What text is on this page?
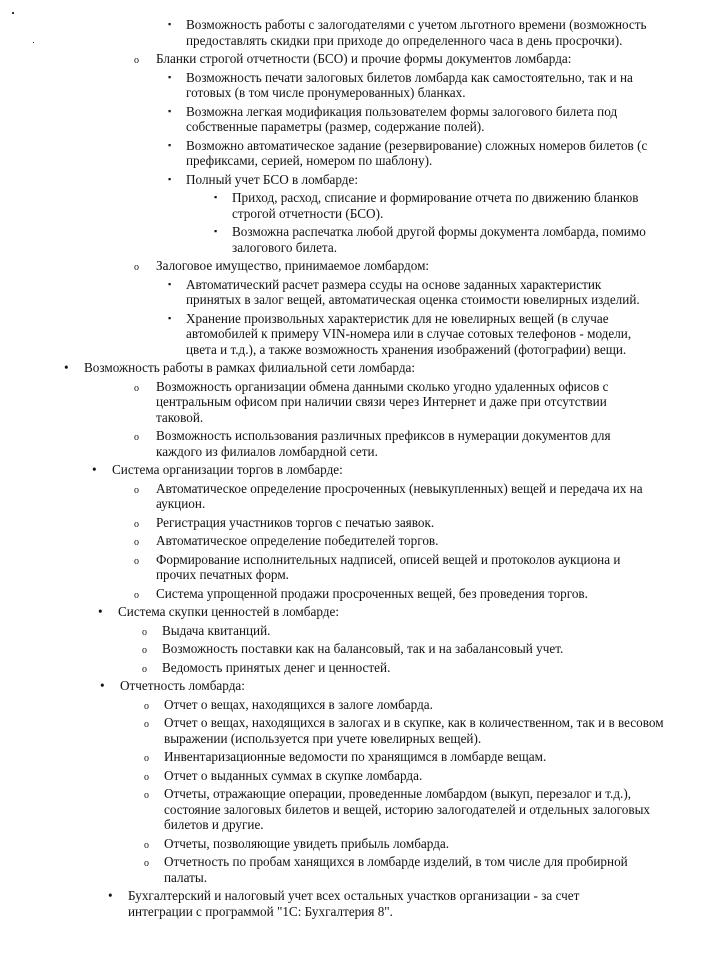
▪ Возможность работы с залогодателями с учетом льготного времени (возможность предоставлять скидки при приходе до определенного часа в день просрочки).
o Бланки строгой отчетности (БСО) и прочие формы документов ломбарда:
▪ Возможность печати залоговых билетов ломбарда как самостоятельно, так и на готовых (в том числе пронумерованных) бланках.
▪ Возможна легкая модификация пользователем формы залогового билета под собственные параметры (размер, содержание полей).
▪ Возможно автоматическое задание (резервирование) сложных номеров билетов (с префиксами, серией, номером по шаблону).
▪ Полный учет БСО в ломбарде:
▪ Приход, расход, списание и формирование отчета по движению бланков строгой отчетности (БСО).
▪ Возможна распечатка любой другой формы документа ломбарда, помимо залогового билета.
o Залоговое имущество, принимаемое ломбардом:
▪ Автоматический расчет размера ссуды на основе заданных характеристик принятых в залог вещей, автоматическая оценка стоимости ювелирных изделий.
▪ Хранение произвольных характеристик для не ювелирных вещей (в случае автомобилей к примеру VIN-номера или в случае сотовых телефонов - модели, цвета и т.д.), а также возможность хранения изображений (фотографии) вещи.
• Возможность работы в рамках филиальной сети ломбарда:
o Возможность организации обмена данными сколько угодно удаленных офисов с центральным офисом при наличии связи через Интернет и даже при отсутствии таковой.
o Возможность использования различных префиксов в нумерации документов для каждого из филиалов ломбардной сети.
• Система организации торгов в ломбарде:
o Автоматическое определение просроченных (невыкупленных) вещей и передача их на аукцион.
o Регистрация участников торгов с печатью заявок.
o Автоматическое определение победителей торгов.
o Формирование исполнительных надписей, описей вещей и протоколов аукциона и прочих печатных форм.
o Система упрощенной продажи просроченных вещей, без проведения торгов.
• Система скупки ценностей в ломбарде:
o Выдача квитанций.
o Возможность поставки как на балансовый, так и на забалансовый учет.
o Ведомость принятых денег и ценностей.
• Отчетность ломбарда:
o Отчет о вещах, находящихся в залоге ломбарда.
o Отчет о вещах, находящихся в залогах и в скупке, как в количественном, так и в весовом выражении (используется при учете ювелирных вещей).
o Инвентаризационные ведомости по хранящимся в ломбарде вещам.
o Отчет о выданных суммах в скупке ломбарда.
o Отчеты, отражающие операции, проведенные ломбардом (выкуп, перезалог и т.д.), состояние залоговых билетов и вещей, историю залогодателей и отдельных залоговых билетов и другие.
o Отчеты, позволяющие увидеть прибыль ломбарда.
o Отчетность по пробам ханящихся в ломбарде изделий, в том числе для пробирной палаты.
• Бухгалтерский и налоговый учет всех остальных участков организации - за счет интеграции с программой "1С: Бухгалтерия 8".
